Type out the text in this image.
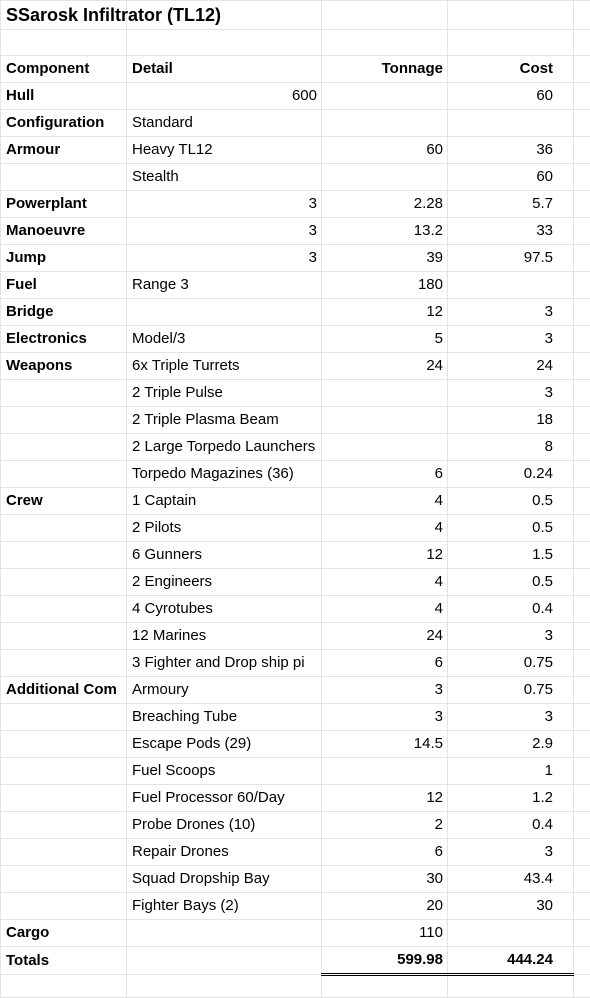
SSarosk Infiltrator (TL12)				

Component	Detail	Tonnage	Cost	
Hull	600		60	
Configuration	Standard			
Armour	Heavy TL12	60	36	
	Stealth		60	
Powerplant	3	2.28	5.7	
Manoeuvre	3	13.2	33	
Jump	3	39	97.5	
Fuel	Range 3	180		
Bridge		12	3	
Electronics	Model/3	5	3	
Weapons	6x Triple Turrets	24	24	
	2 Triple Pulse		3	
	2 Triple Plasma Beam		18	
	2 Large Torpedo Launchers		8	
	Torpedo Magazines (36)	6	0.24	
Crew	1 Captain	4	0.5	
	2 Pilots	4	0.5	
	6 Gunners	12	1.5	
	2 Engineers	4	0.5	
	4 Cyrotubes	4	0.4	
	12 Marines	24	3	
	3 Fighter and Drop ship pi	6	0.75	
Additional Com	Armoury	3	0.75	
	Breaching Tube	3	3	
	Escape Pods (29)	14.5	2.9	
	Fuel Scoops		1	
	Fuel Processor 60/Day	12	1.2	
	Probe Drones (10)	2	0.4	
	Repair Drones	6	3	
	Squad Dropship Bay	30	43.4	
	Fighter Bays (2)	20	30	
Cargo		110		
Totals		599.98	444.24	
